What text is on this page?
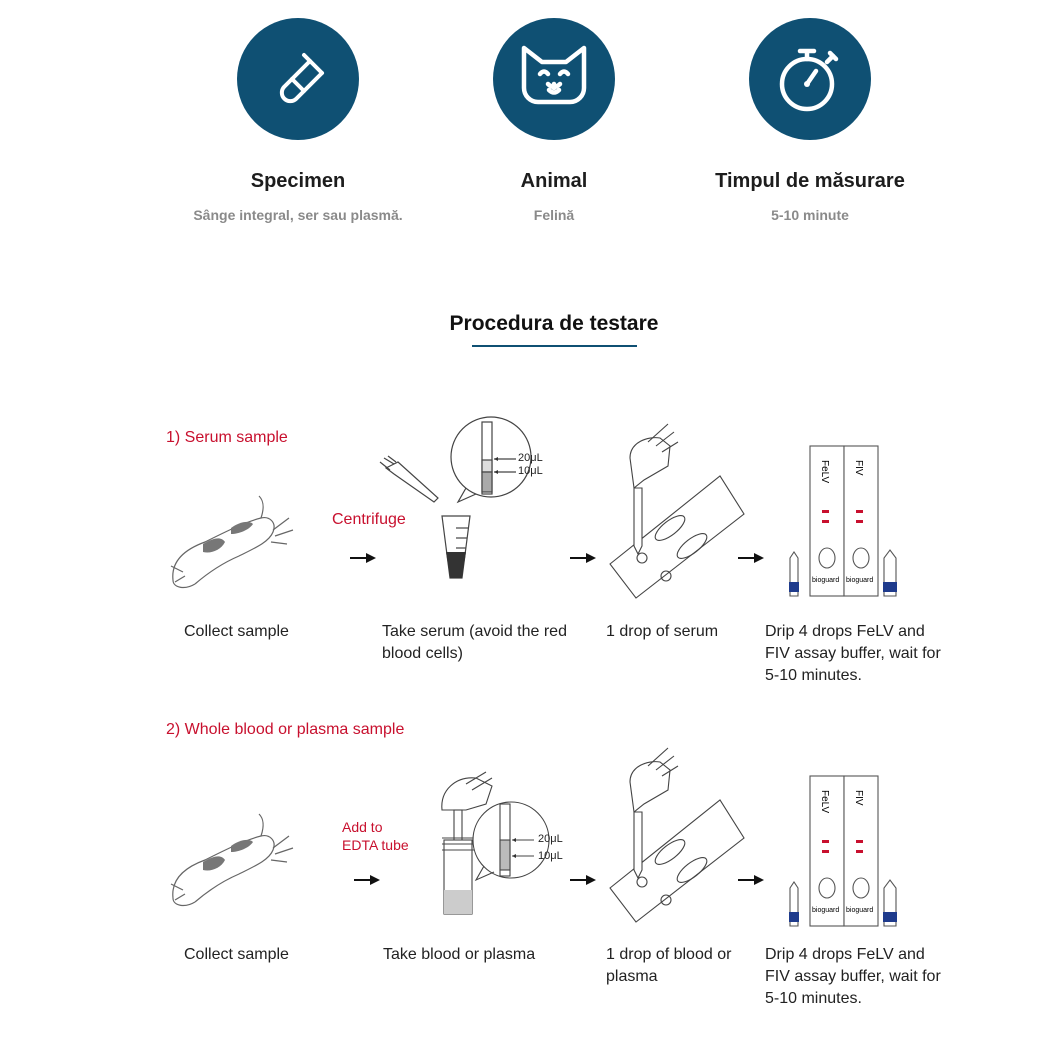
Specimen
Sânge integral, ser sau plasmă.
Animal
Felină
Timpul de măsurare
5-10 minute
Procedura de testare
1) Serum sample
Centrifuge
20μL
10μL	FeLV FIV
bioguard bioguard
Collect sample	Take serum (avoid the red blood cells)
1 drop of serum	Drip 4 drops FeLV and FIV assay buffer, wait for 5-10 minutes.
2) Whole blood or plasma sample
Add to
EDTA tube	20μL
10μL
FeLV FIV
bioguard bioguard
Collect sample	Take blood or plasma	1 drop of blood or plasma
Drip 4 drops FeLV and FIV assay buffer, wait for 5-10 minutes.
